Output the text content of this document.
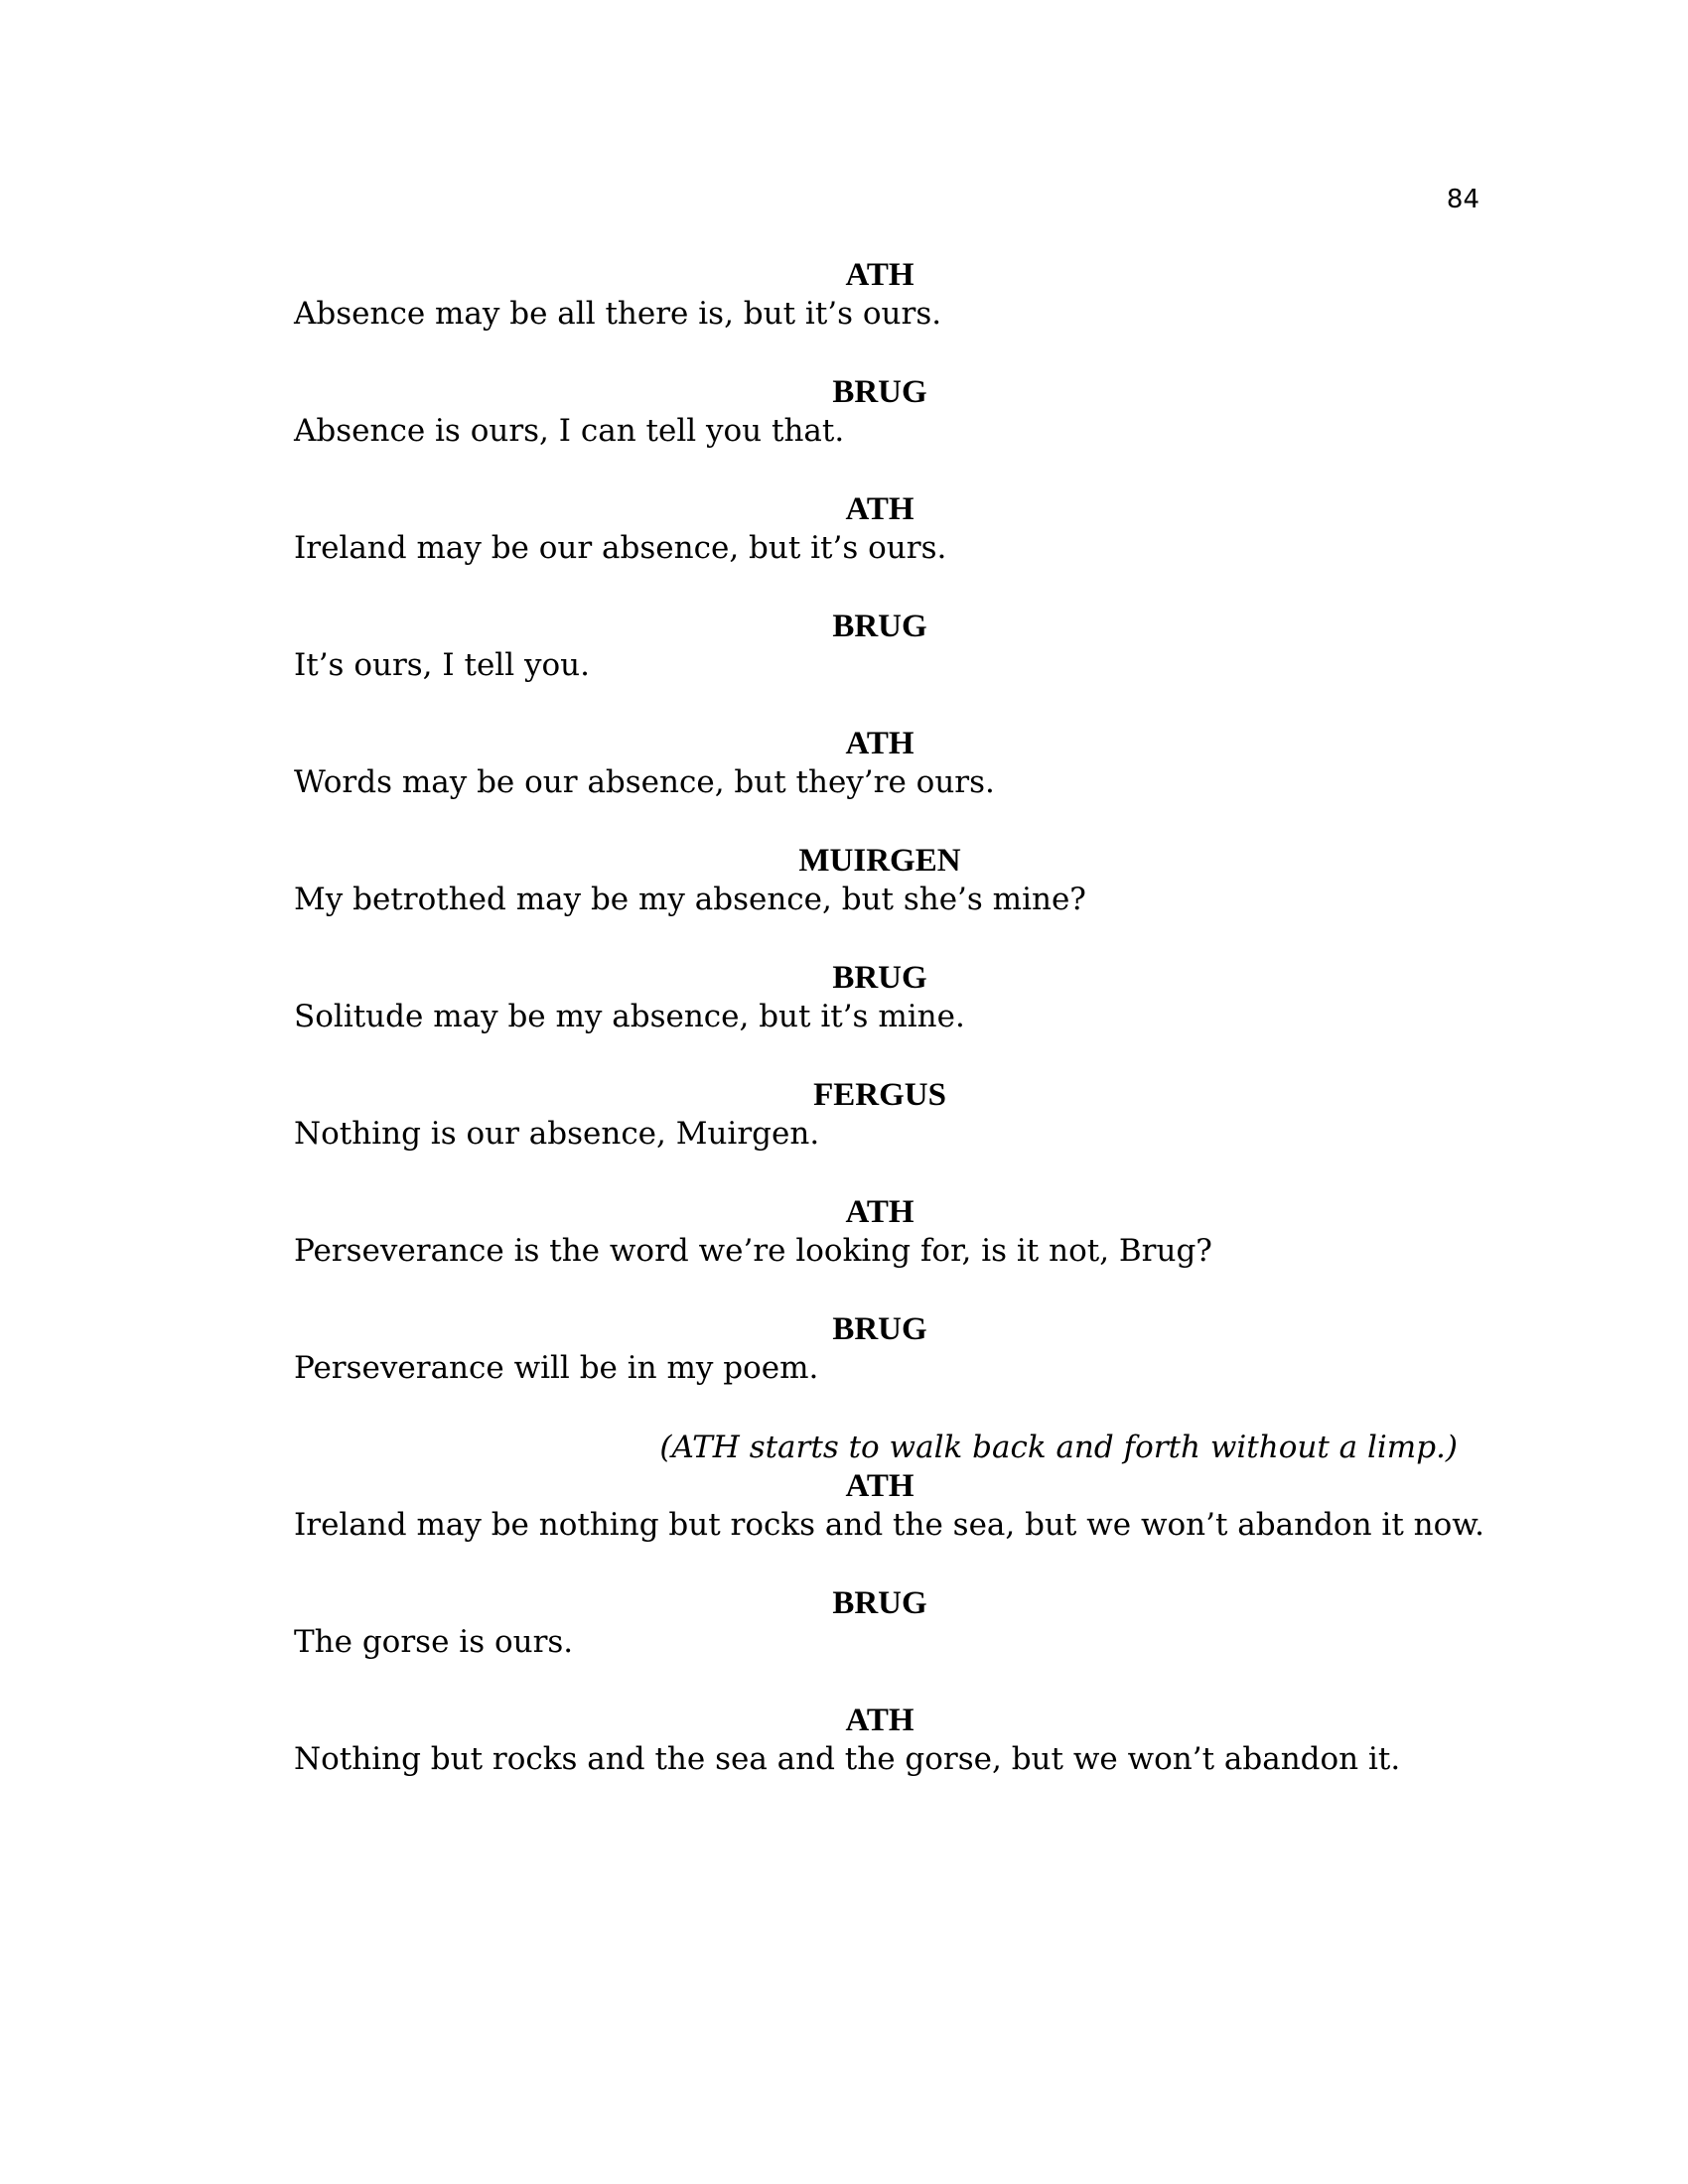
84
ATH
Absence may be all there is, but it’s ours.
BRUG
Absence is ours, I can tell you that.
ATH
Ireland may be our absence, but it’s ours.
BRUG
It’s ours, I tell you.
ATH
Words may be our absence, but they’re ours.
MUIRGEN
My betrothed may be my absence, but she’s mine?
BRUG
Solitude may be my absence, but it’s mine.
FERGUS
Nothing is our absence, Muirgen.
ATH
Perseverance is the word we’re looking for, is it not, Brug?
BRUG
Perseverance will be in my poem.
(ATH starts to walk back and forth without a limp.)
ATH
Ireland may be nothing but rocks and the sea, but we won’t abandon it now.
BRUG
The gorse is ours.
ATH
Nothing but rocks and the sea and the gorse, but we won’t abandon it.
